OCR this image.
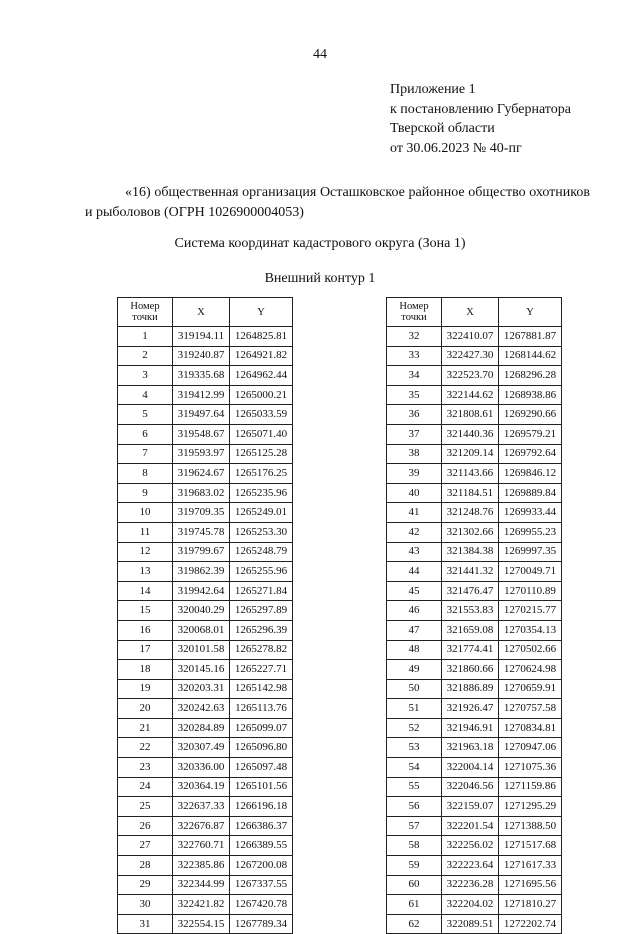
44
Приложение 1
к постановлению Губернатора
Тверской области
от 30.06.2023 № 40-пг
«16) общественная организация Осташковское районное общество охотников и рыболовов (ОГРН 1026900004053)
Система координат кадастрового округа (Зона 1)
Внешний контур 1
Номер
точки	X	Y
1	319194.11	1264825.81
2	319240.87	1264921.82
3	319335.68	1264962.44
4	319412.99	1265000.21
5	319497.64	1265033.59
6	319548.67	1265071.40
7	319593.97	1265125.28
8	319624.67	1265176.25
9	319683.02	1265235.96
10	319709.35	1265249.01
11	319745.78	1265253.30
12	319799.67	1265248.79
13	319862.39	1265255.96
14	319942.64	1265271.84
15	320040.29	1265297.89
16	320068.01	1265296.39
17	320101.58	1265278.82
18	320145.16	1265227.71
19	320203.31	1265142.98
20	320242.63	1265113.76
21	320284.89	1265099.07
22	320307.49	1265096.80
23	320336.00	1265097.48
24	320364.19	1265101.56
25	322637.33	1266196.18
26	322676.87	1266386.37
27	322760.71	1266389.55
28	322385.86	1267200.08
29	322344.99	1267337.55
30	322421.82	1267420.78
31	322554.15	1267789.34
Номер
точки	X	Y
32	322410.07	1267881.87
33	322427.30	1268144.62
34	322523.70	1268296.28
35	322144.62	1268938.86
36	321808.61	1269290.66
37	321440.36	1269579.21
38	321209.14	1269792.64
39	321143.66	1269846.12
40	321184.51	1269889.84
41	321248.76	1269933.44
42	321302.66	1269955.23
43	321384.38	1269997.35
44	321441.32	1270049.71
45	321476.47	1270110.89
46	321553.83	1270215.77
47	321659.08	1270354.13
48	321774.41	1270502.66
49	321860.66	1270624.98
50	321886.89	1270659.91
51	321926.47	1270757.58
52	321946.91	1270834.81
53	321963.18	1270947.06
54	322004.14	1271075.36
55	322046.56	1271159.86
56	322159.07	1271295.29
57	322201.54	1271388.50
58	322256.02	1271517.68
59	322223.64	1271617.33
60	322236.28	1271695.56
61	322204.02	1271810.27
62	322089.51	1272202.74
